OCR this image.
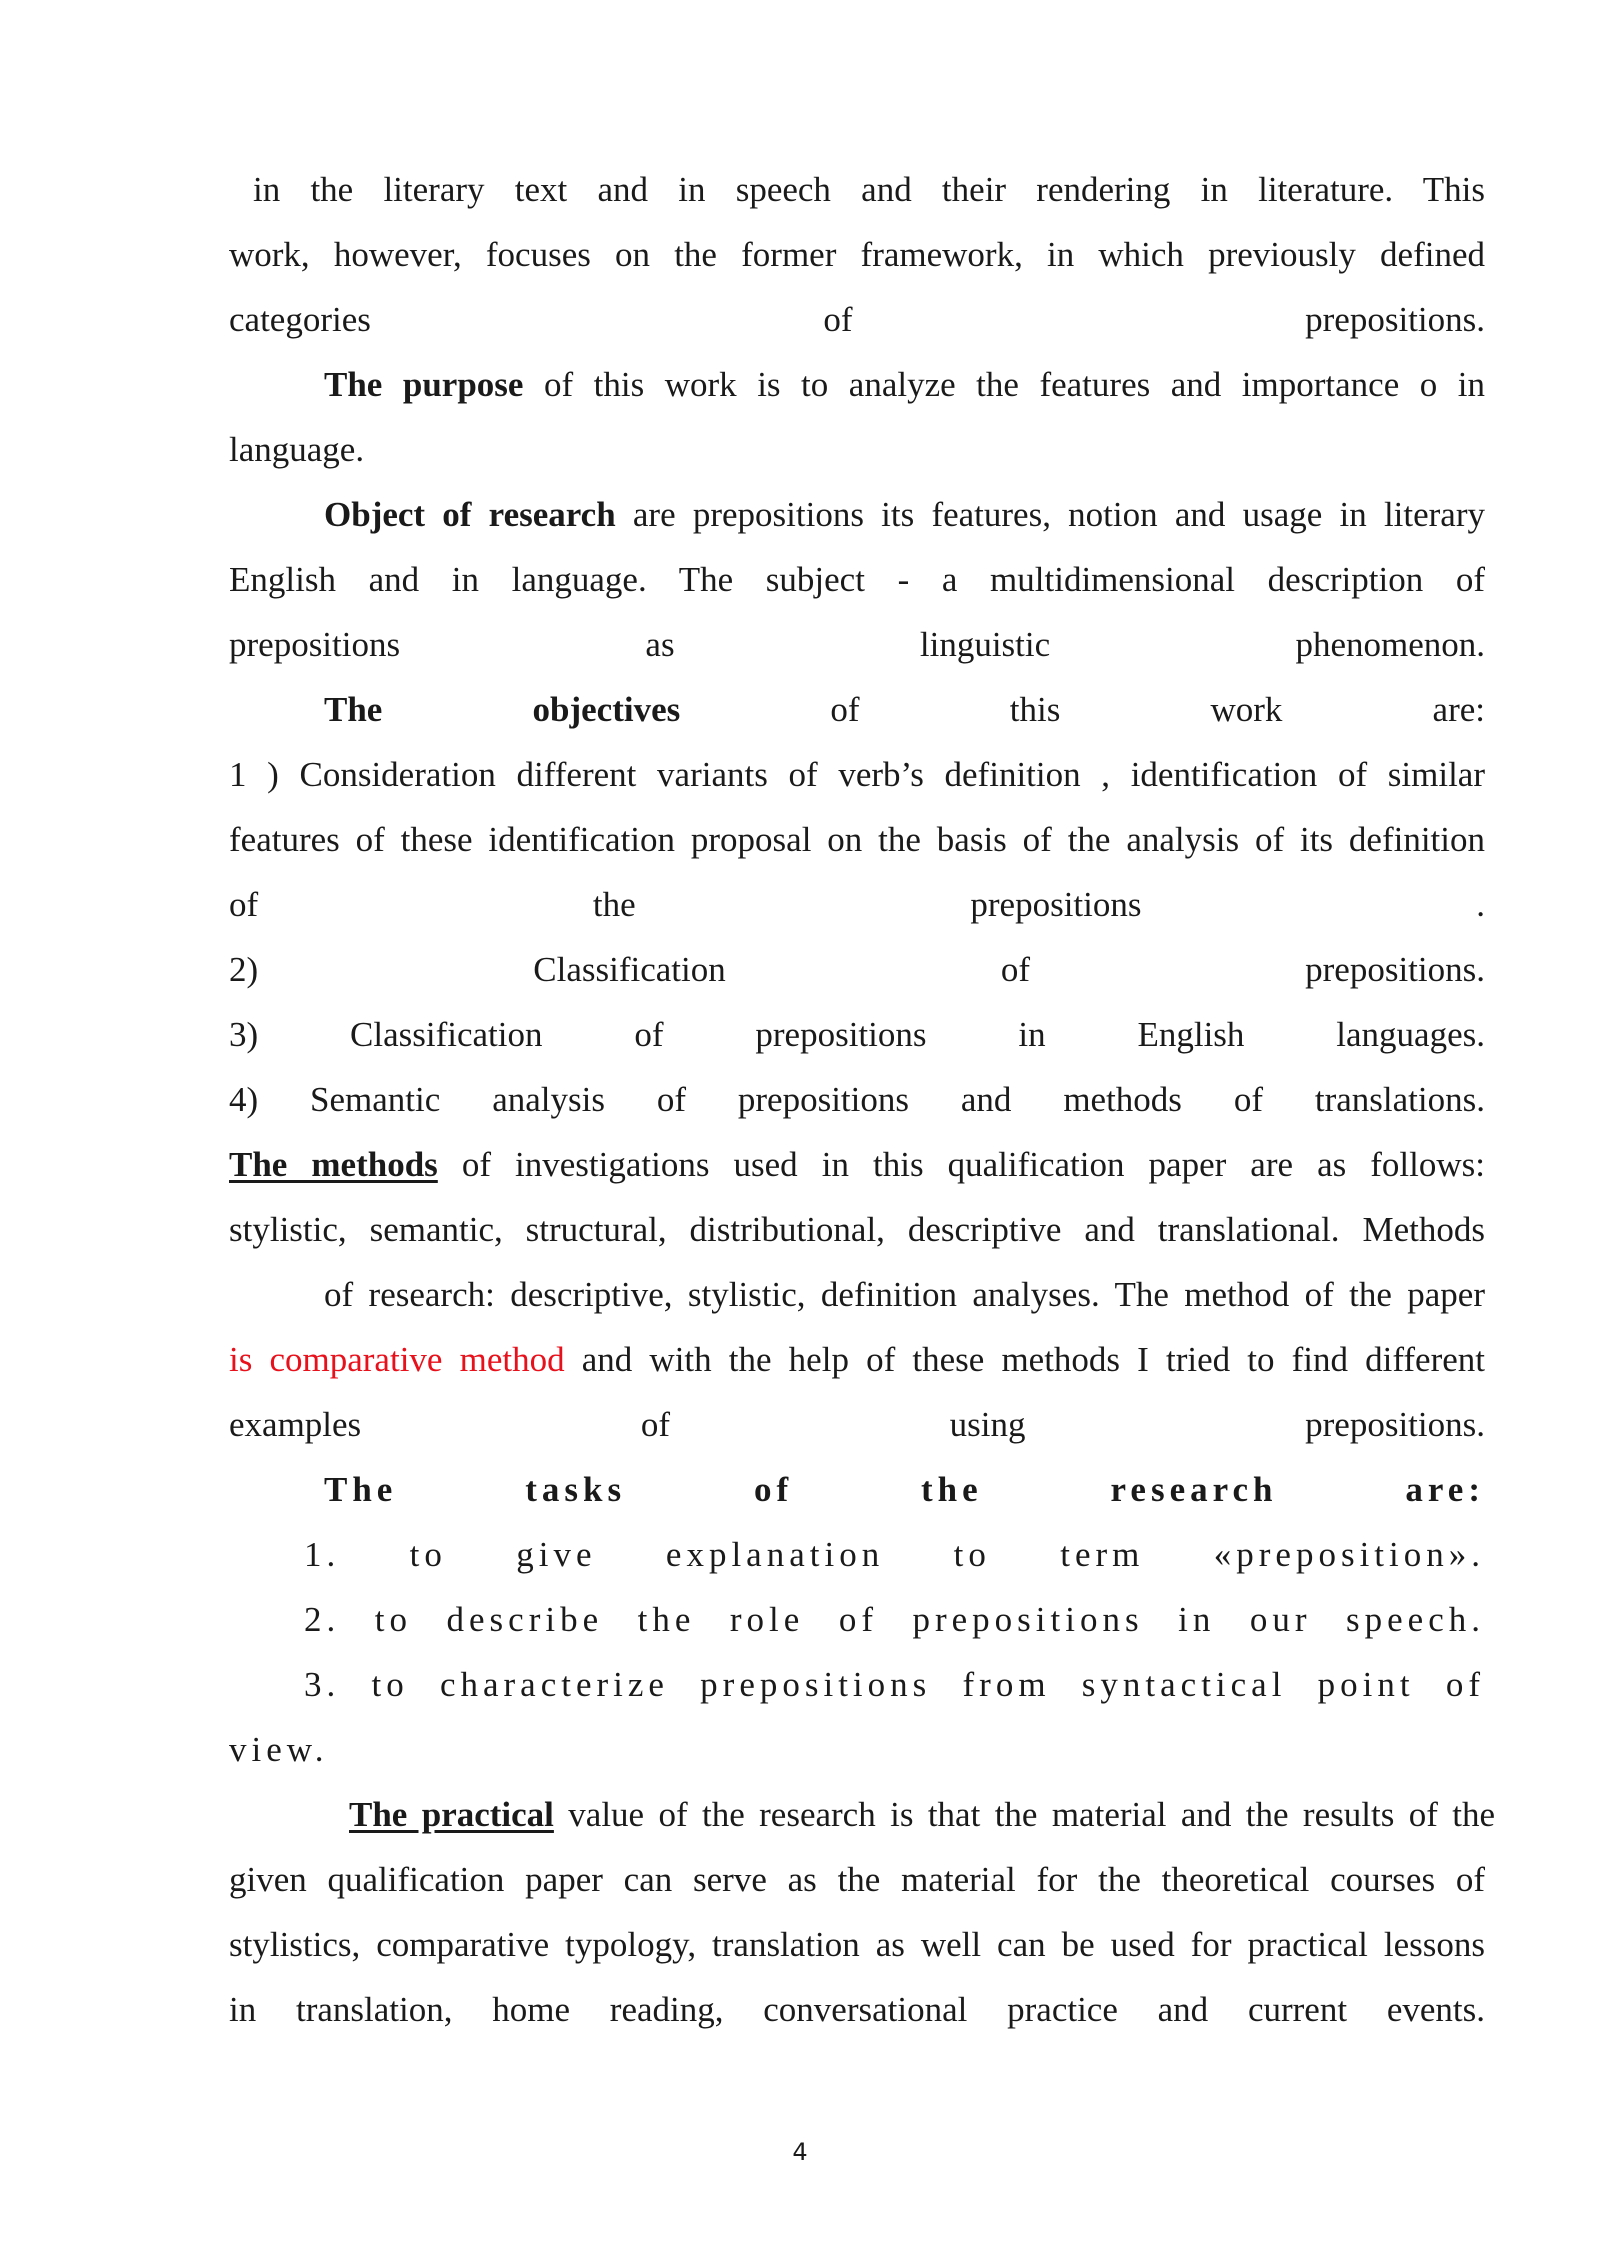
in the literary text and in speech and their rendering in literature. This
work, however, focuses on the former framework, in which previously defined
categories of prepositions.
The purpose of this work is to analyze the features and importance o in
language.
Object of research are prepositions its features, notion and usage in literary
English and in language. The subject - a multidimensional description of
prepositions as linguistic phenomenon.
The	objectives of this work are:
1 ) Consideration different variants of verb’s definition , identification of similar
features of these identification proposal on the basis of the analysis of its definition
of the prepositions .
2) Classification of prepositions.
3) Classification of prepositions in English languages.
4) Semantic analysis of prepositions and methods of translations.
The methods of investigations used in this qualification paper are as follows:
stylistic, semantic, structural, distributional, descriptive and translational. Methods
of research: descriptive, stylistic, definition analyses. The method of the paper
is comparative method and with the help of these methods I tried to find different
examples of using prepositions.
The tasks of the research are:
1. to give explanation to term «preposition».
2. to describe the role of prepositions in our speech.
3. to characterize prepositions from syntactical point of
view.
The practical value of the research is that the material and the results of the
given qualification paper can serve as the material for the theoretical courses of
stylistics, comparative typology, translation as well can be used for practical lessons
in translation, home reading, conversational practice and current events.
4
